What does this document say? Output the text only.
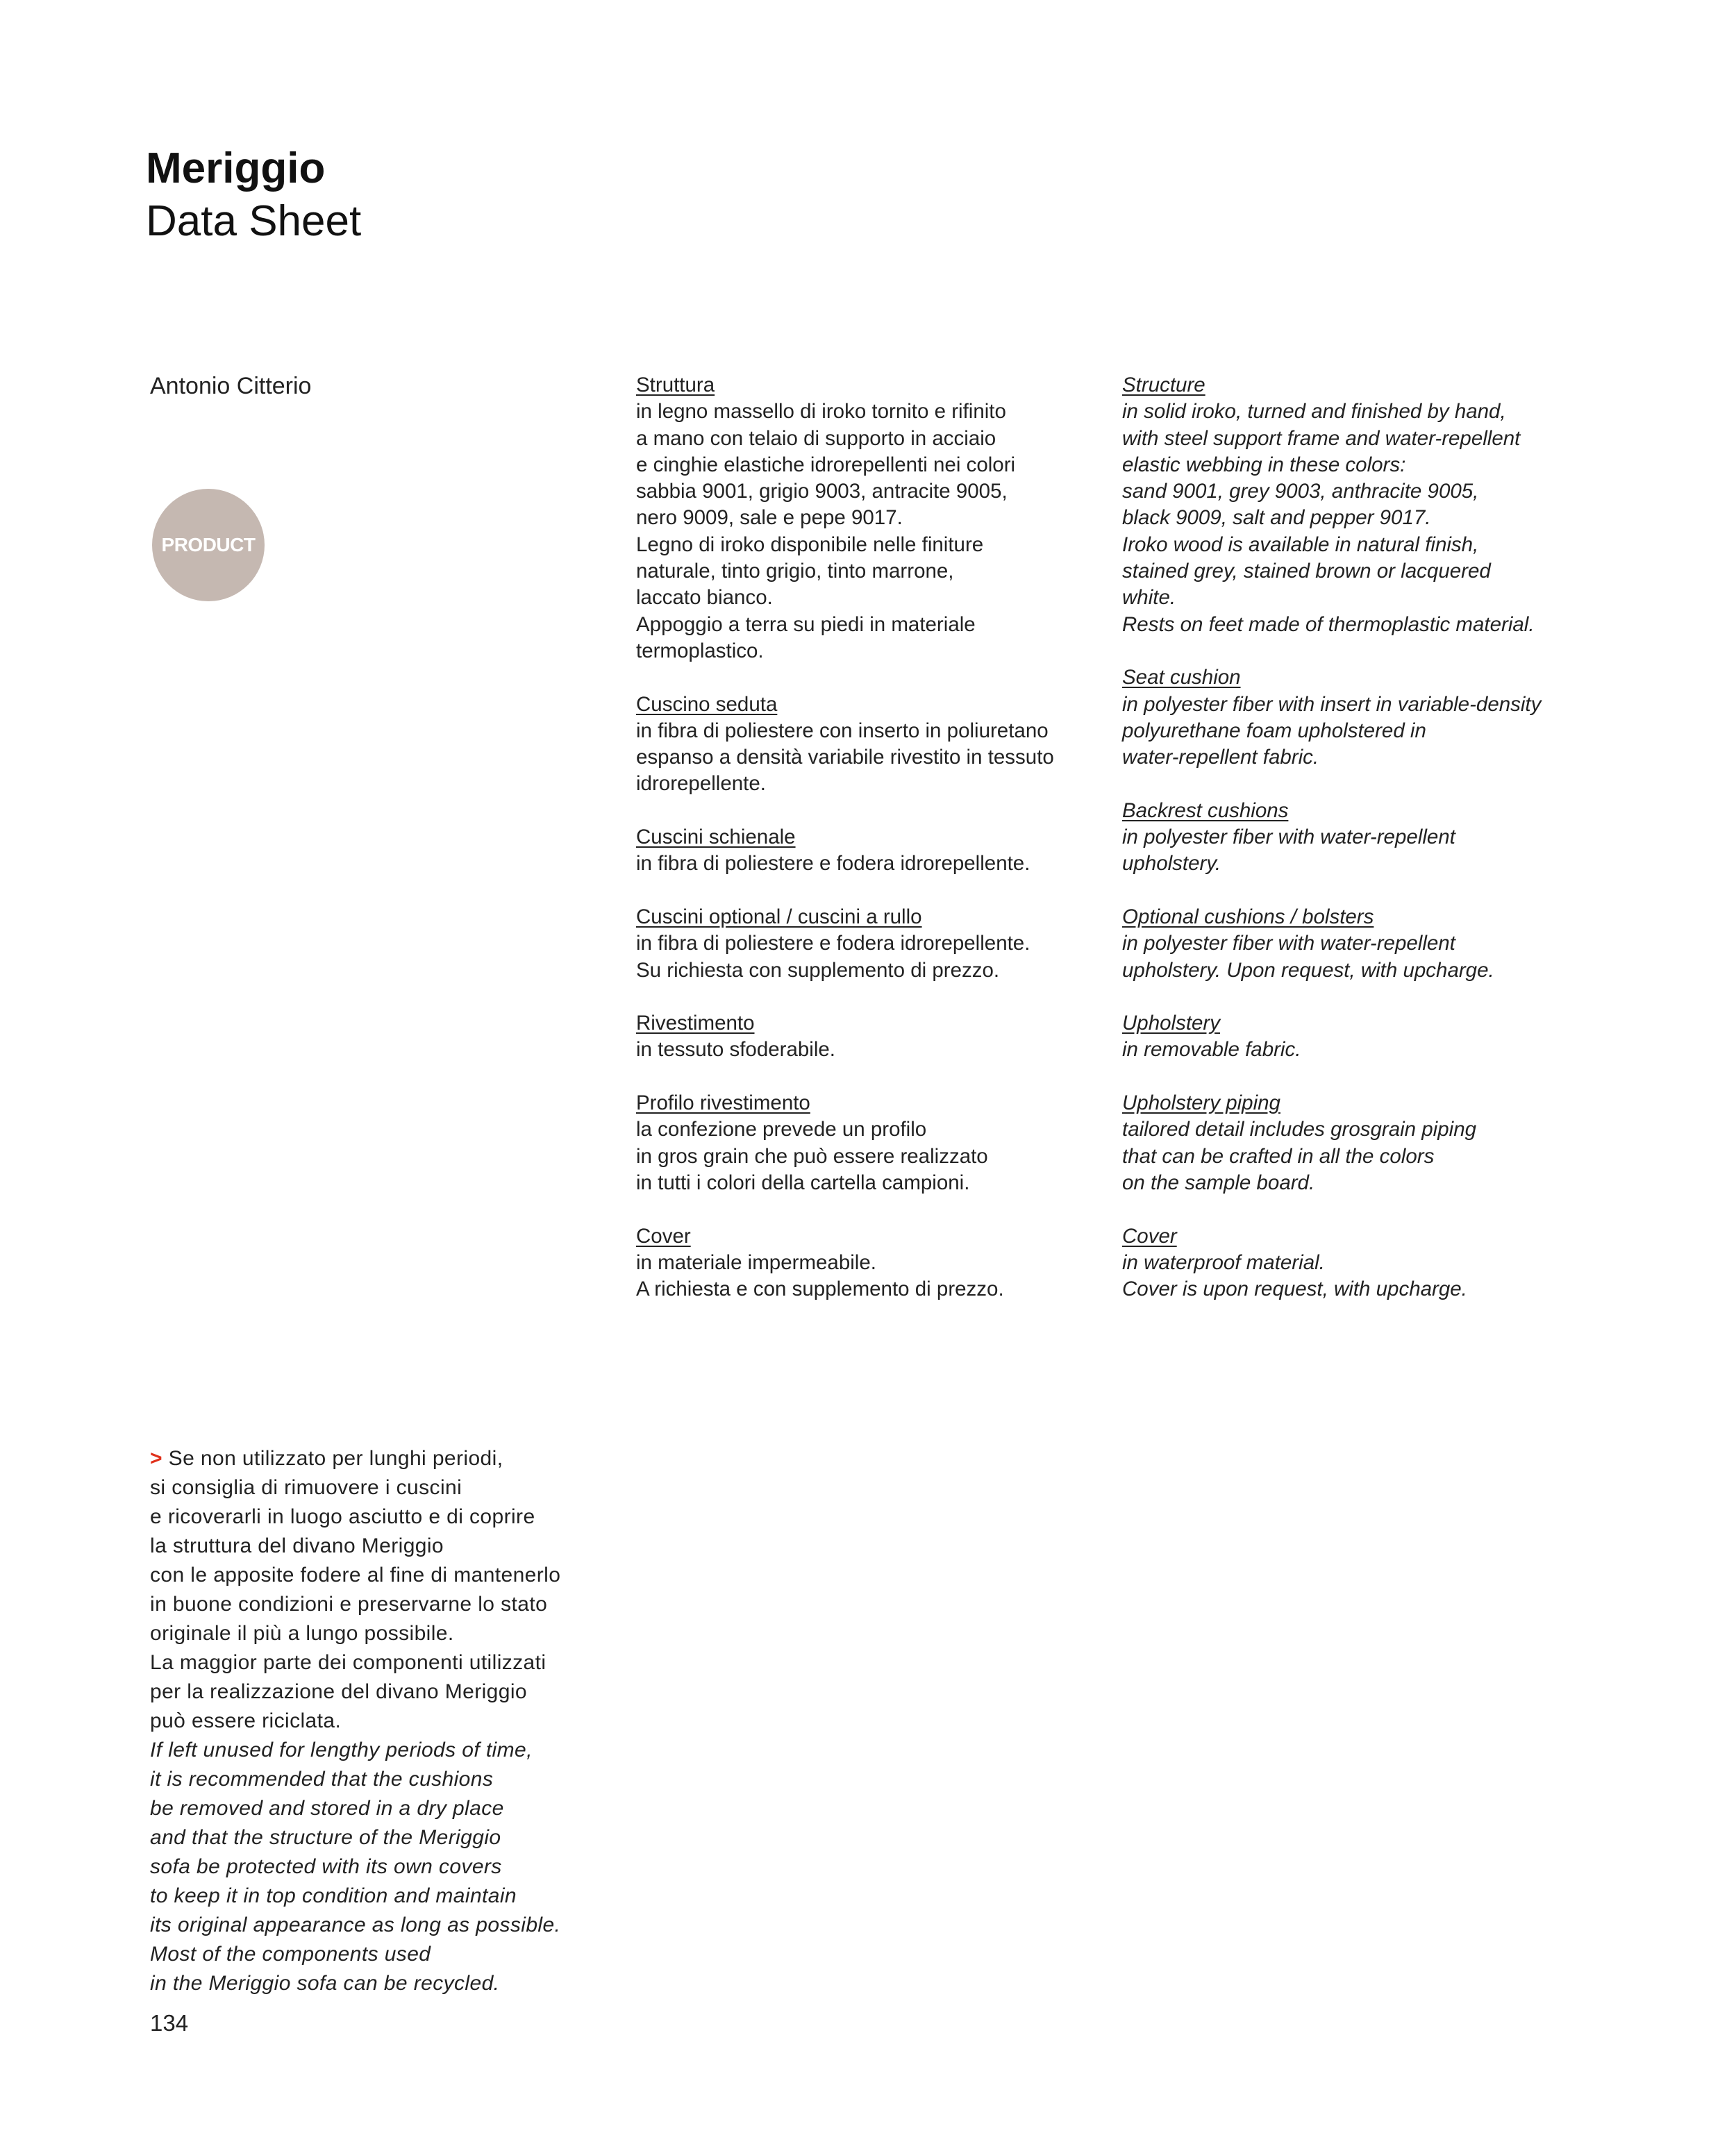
Meriggio
Data Sheet
Antonio Citterio
PRODUCT
Struttura
in legno massello di iroko tornito e rifinito
a mano con telaio di supporto in acciaio
e cinghie elastiche idrorepellenti nei colori
sabbia 9001, grigio 9003, antracite 9005,
nero 9009, sale e pepe 9017.
Legno di iroko disponibile nelle finiture
naturale, tinto grigio, tinto marrone,
laccato bianco.
Appoggio a terra su piedi in materiale
termoplastico.
Cuscino seduta
in fibra di poliestere con inserto in poliuretano
espanso a densità variabile rivestito in tessuto
idrorepellente.
Cuscini schienale
in fibra di poliestere e fodera idrorepellente.
Cuscini optional / cuscini a rullo
in fibra di poliestere e fodera idrorepellente.
Su richiesta con supplemento di prezzo.
Rivestimento
in tessuto sfoderabile.
Profilo rivestimento
la confezione prevede un profilo
in gros grain che può essere realizzato
in tutti i colori della cartella campioni.
Cover
in materiale impermeabile.
A richiesta e con supplemento di prezzo.
Structure
in solid iroko, turned and finished by hand,
with steel support frame and water-repellent
elastic webbing in these colors:
sand 9001, grey 9003, anthracite 9005,
black 9009, salt and pepper 9017.
Iroko wood is available in natural finish,
stained grey, stained brown or lacquered
white.
Rests on feet made of thermoplastic material.
Seat cushion
in polyester fiber with insert in variable-density
polyurethane foam upholstered in
water-repellent fabric.
Backrest cushions
in polyester fiber with water-repellent
upholstery.
Optional cushions / bolsters
in polyester fiber with water-repellent
upholstery. Upon request, with upcharge.
Upholstery
in removable fabric.
Upholstery piping
tailored detail includes grosgrain piping
that can be crafted in all the colors
on the sample board.
Cover
in waterproof material.
Cover is upon request, with upcharge.
> Se non utilizzato per lunghi periodi,
si consiglia di rimuovere i cuscini
e ricoverarli in luogo asciutto e di coprire
la struttura del divano Meriggio
con le apposite fodere al fine di mantenerlo
in buone condizioni e preservarne lo stato
originale il più a lungo possibile.
La maggior parte dei componenti utilizzati
per la realizzazione del divano Meriggio
può essere riciclata.
If left unused for lengthy periods of time,
it is recommended that the cushions
be removed and stored in a dry place
and that the structure of the Meriggio
sofa be protected with its own covers
to keep it in top condition and maintain
its original appearance as long as possible.
Most of the components used
in the Meriggio sofa can be recycled.
134
